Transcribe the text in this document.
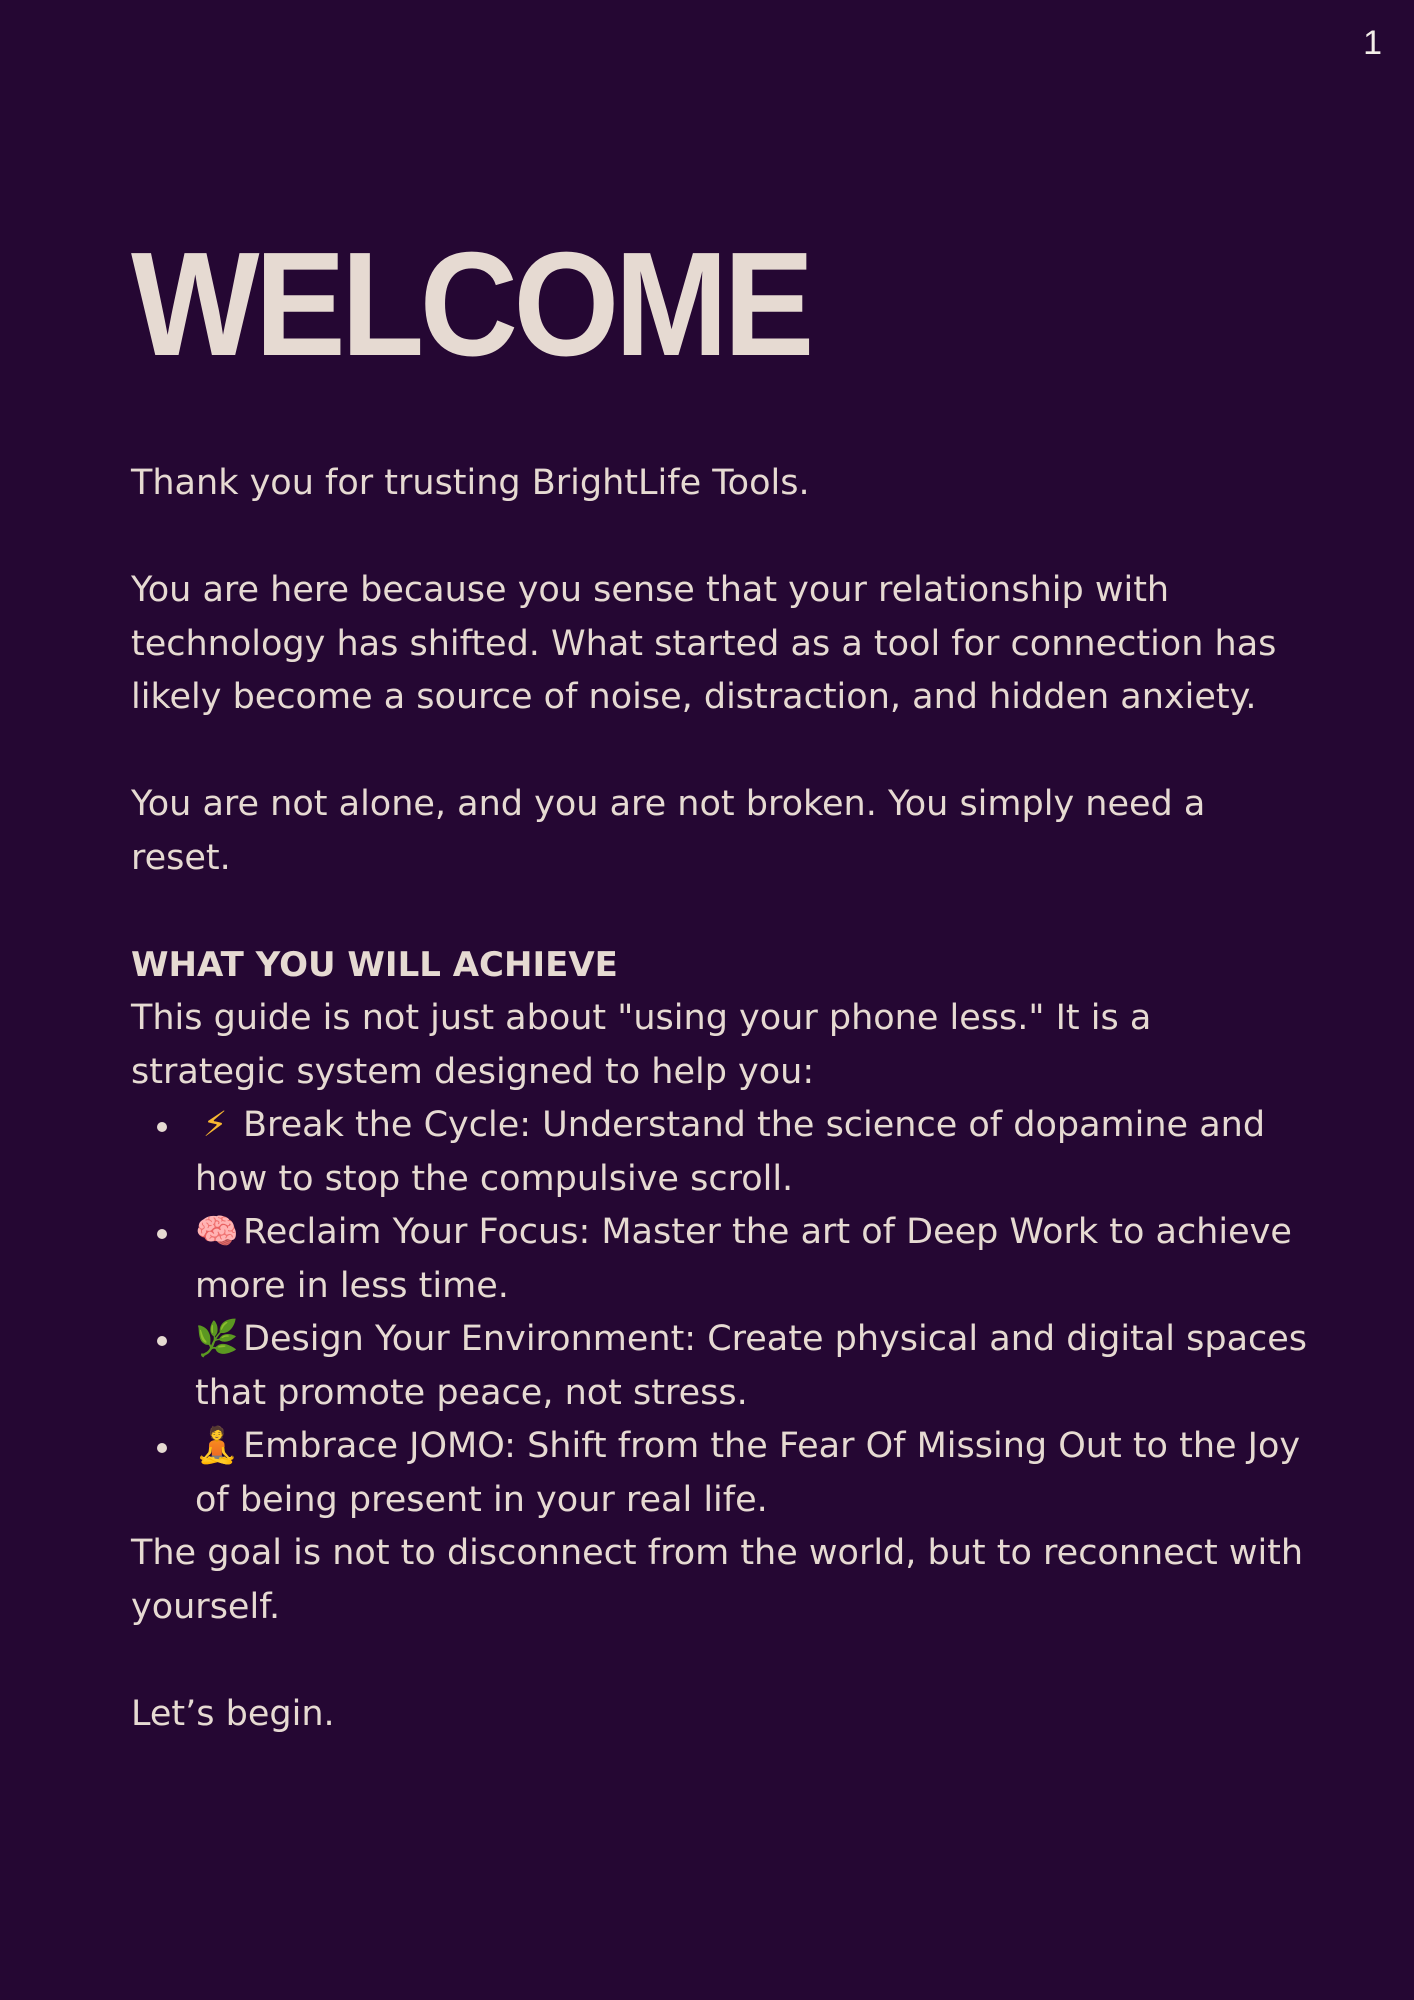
1
WELCOME

Thank you for trusting BrightLife Tools.

You are here because you sense that your relationship with technology has shifted. What started as a tool for connection has likely become a source of noise, distraction, and hidden anxiety.

You are not alone, and you are not broken. You simply need a reset.

WHAT YOU WILL ACHIEVE

This guide is not just about "using your phone less." It is a strategic system designed to help you:

⚡ Break the Cycle: Understand the science of dopamine and how to stop the compulsive scroll.
🧠 Reclaim Your Focus: Master the art of Deep Work to achieve more in less time.
🌿 Design Your Environment: Create physical and digital spaces that promote peace, not stress.
🧘 Embrace JOMO: Shift from the Fear Of Missing Out to the Joy of being present in your real life.

The goal is not to disconnect from the world, but to reconnect with yourself.

Let’s begin.
